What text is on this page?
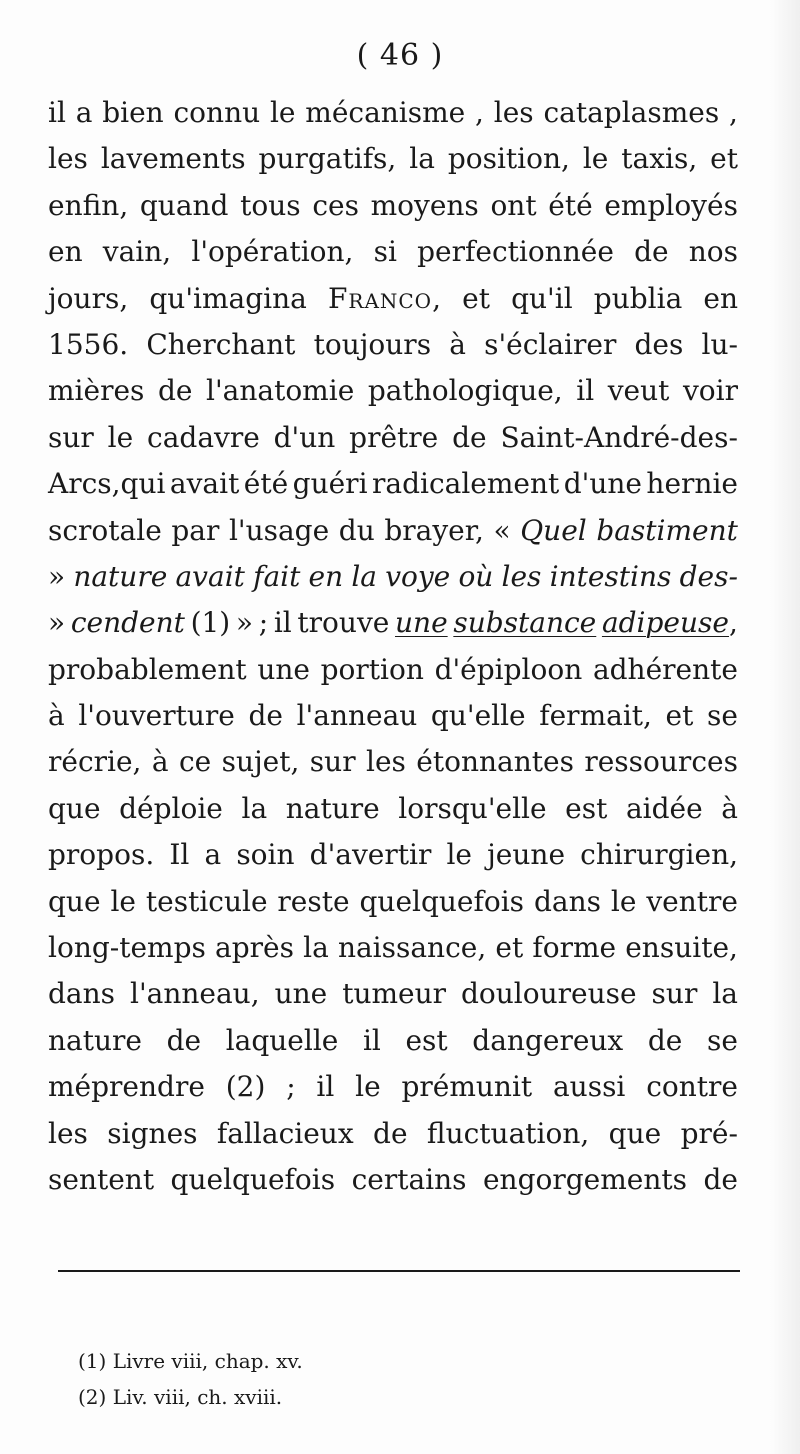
( 46 )
il a bien connu le mécanisme , les cataplasmes ,
les lavements purgatifs, la position, le taxis, et
enfin, quand tous ces moyens ont été employés
en vain, l'opération, si perfectionnée de nos
jours, qu'imagina Franco, et qu'il publia en
1556. Cherchant toujours à s'éclairer des lu-
mières de l'anatomie pathologique, il veut voir
sur le cadavre d'un prêtre de Saint-André-des-
Arcs,qui avait été guéri radicalement d'une hernie
scrotale par l'usage du brayer, « Quel bastiment
» nature avait fait en la voye où les intestins des-
» cendent (1) » ; il trouve une substance adipeuse,
probablement une portion d'épiploon adhérente
à l'ouverture de l'anneau qu'elle fermait, et se
récrie, à ce sujet, sur les étonnantes ressources
que déploie la nature lorsqu'elle est aidée à
propos. Il a soin d'avertir le jeune chirurgien,
que le testicule reste quelquefois dans le ventre
long-temps après la naissance, et forme ensuite,
dans l'anneau, une tumeur douloureuse sur la
nature de laquelle il est dangereux de se
méprendre (2) ; il le prémunit aussi contre
les signes fallacieux de fluctuation, que pré-
sentent quelquefois certains engorgements de
(1) Livre viii, chap. xv.
(2) Liv. viii, ch. xviii.
